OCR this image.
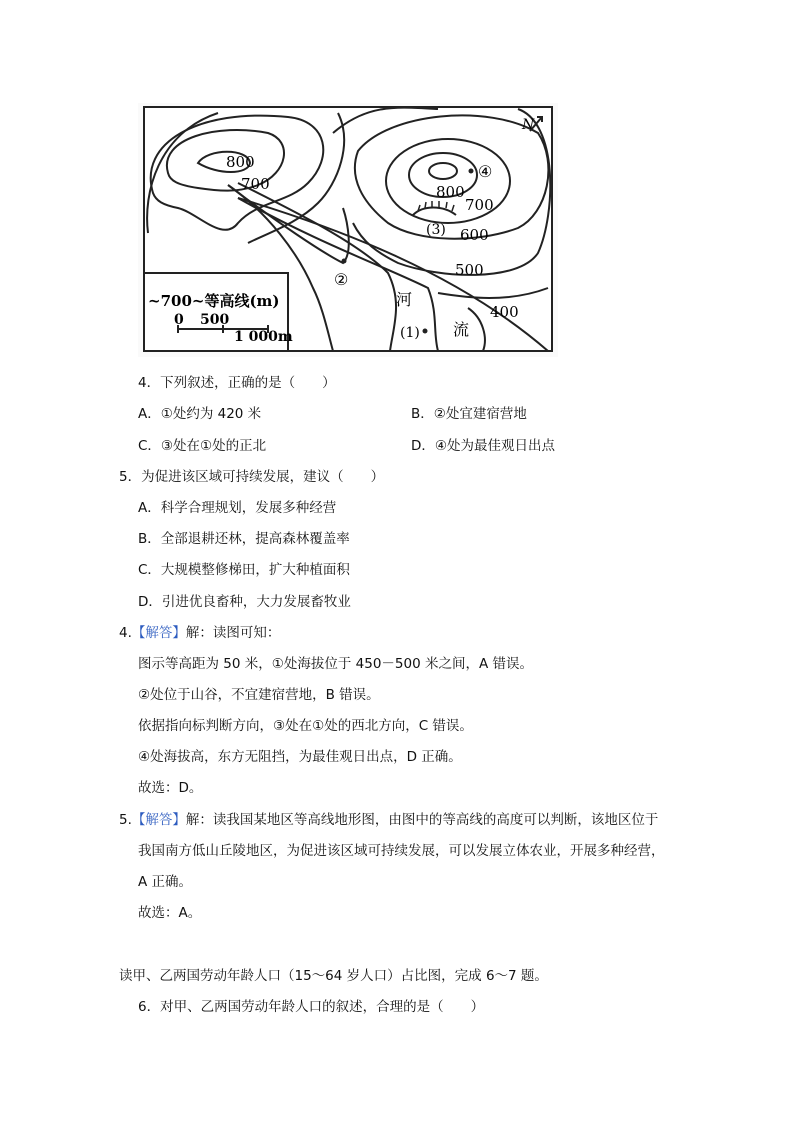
N
800
700	800
700
600
500
400
(1)
②
(3)
④
河
流
~700~等高线(m)
0 500
1 000m
4．下列叙述，正确的是（　　）
A．①处约为 420 米	B．②处宜建宿营地
C．③处在①处的正北	D．④处为最佳观日出点
5．为促进该区域可持续发展，建议（　　）
A．科学合理规划，发展多种经营
B．全部退耕还林，提高森林覆盖率
C．大规模整修梯田，扩大种植面积
D．引进优良畜种，大力发展畜牧业
4.【解答】解：读图可知：
图示等高距为 50 米，①处海拔位于 450－500 米之间，A 错误。
②处位于山谷，不宜建宿营地，B 错误。
依据指向标判断方向，③处在①处的西北方向，C 错误。
④处海拔高，东方无阻挡，为最佳观日出点，D 正确。
故选：D。
5.【解答】解：读我国某地区等高线地形图，由图中的等高线的高度可以判断，该地区位于
我国南方低山丘陵地区，为促进该区域可持续发展，可以发展立体农业，开展多种经营，
A 正确。
故选：A。
读甲、乙两国劳动年龄人口（15～64 岁人口）占比图，完成 6～7 题。
6．对甲、乙两国劳动年龄人口的叙述，合理的是（　　）
